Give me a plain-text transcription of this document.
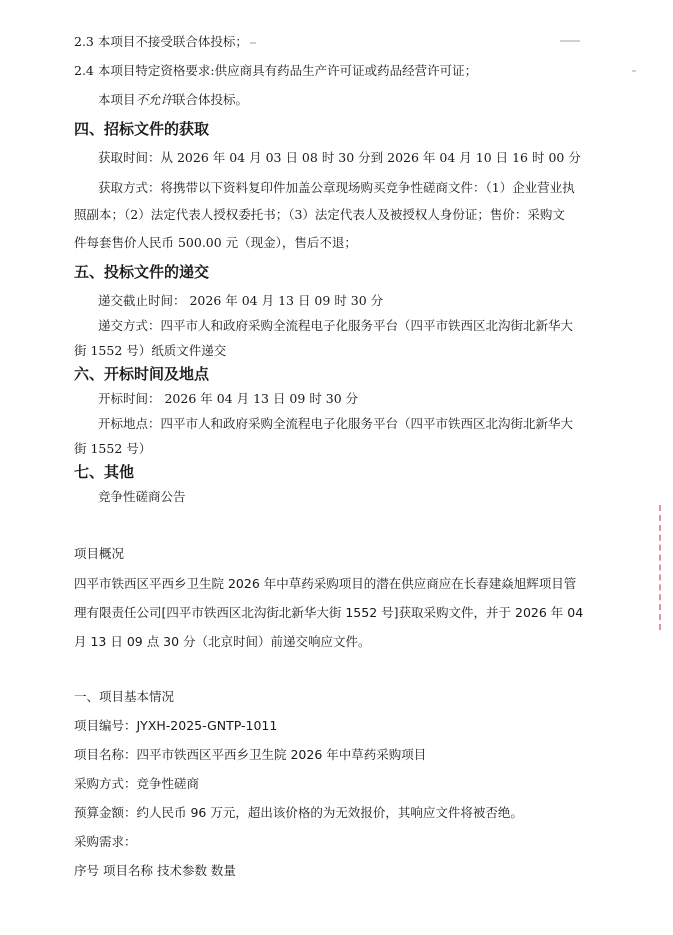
2.3 本项目不接受联合体投标；
2.4 本项目特定资格要求:供应商具有药品生产许可证或药品经营许可证；
本项目不允许联合体投标。
四、招标文件的获取
获取时间：从 2026 年 04 月 03 日 08 时 30 分到 2026 年 04 月 10 日 16 时 00 分
获取方式：将携带以下资料复印件加盖公章现场购买竞争性磋商文件：（1）企业营业执
照副本；（2）法定代表人授权委托书；（3）法定代表人及被授权人身份证；售价：采购文
件每套售价人民币 500.00 元（现金），售后不退；
五、投标文件的递交
递交截止时间： 2026 年 04 月 13 日 09 时 30 分
递交方式：四平市人和政府采购全流程电子化服务平台（四平市铁西区北沟街北新华大
街 1552 号）纸质文件递交
六、开标时间及地点
开标时间： 2026 年 04 月 13 日 09 时 30 分
开标地点：四平市人和政府采购全流程电子化服务平台（四平市铁西区北沟街北新华大
街 1552 号）
七、其他
竞争性磋商公告
项目概况
四平市铁西区平西乡卫生院 2026 年中草药采购项目的潜在供应商应在长春建焱旭辉项目管
理有限责任公司[四平市铁西区北沟街北新华大街 1552 号]获取采购文件，并于 2026 年 04
月 13 日 09 点 30 分（北京时间）前递交响应文件。
一、项目基本情况
项目编号：JYXH-2025-GNTP-1011
项目名称：四平市铁西区平西乡卫生院 2026 年中草药采购项目
采购方式：竞争性磋商
预算金额：约人民币 96 万元，超出该价格的为无效报价，其响应文件将被否绝。
采购需求：
序号 项目名称 技术参数 数量
